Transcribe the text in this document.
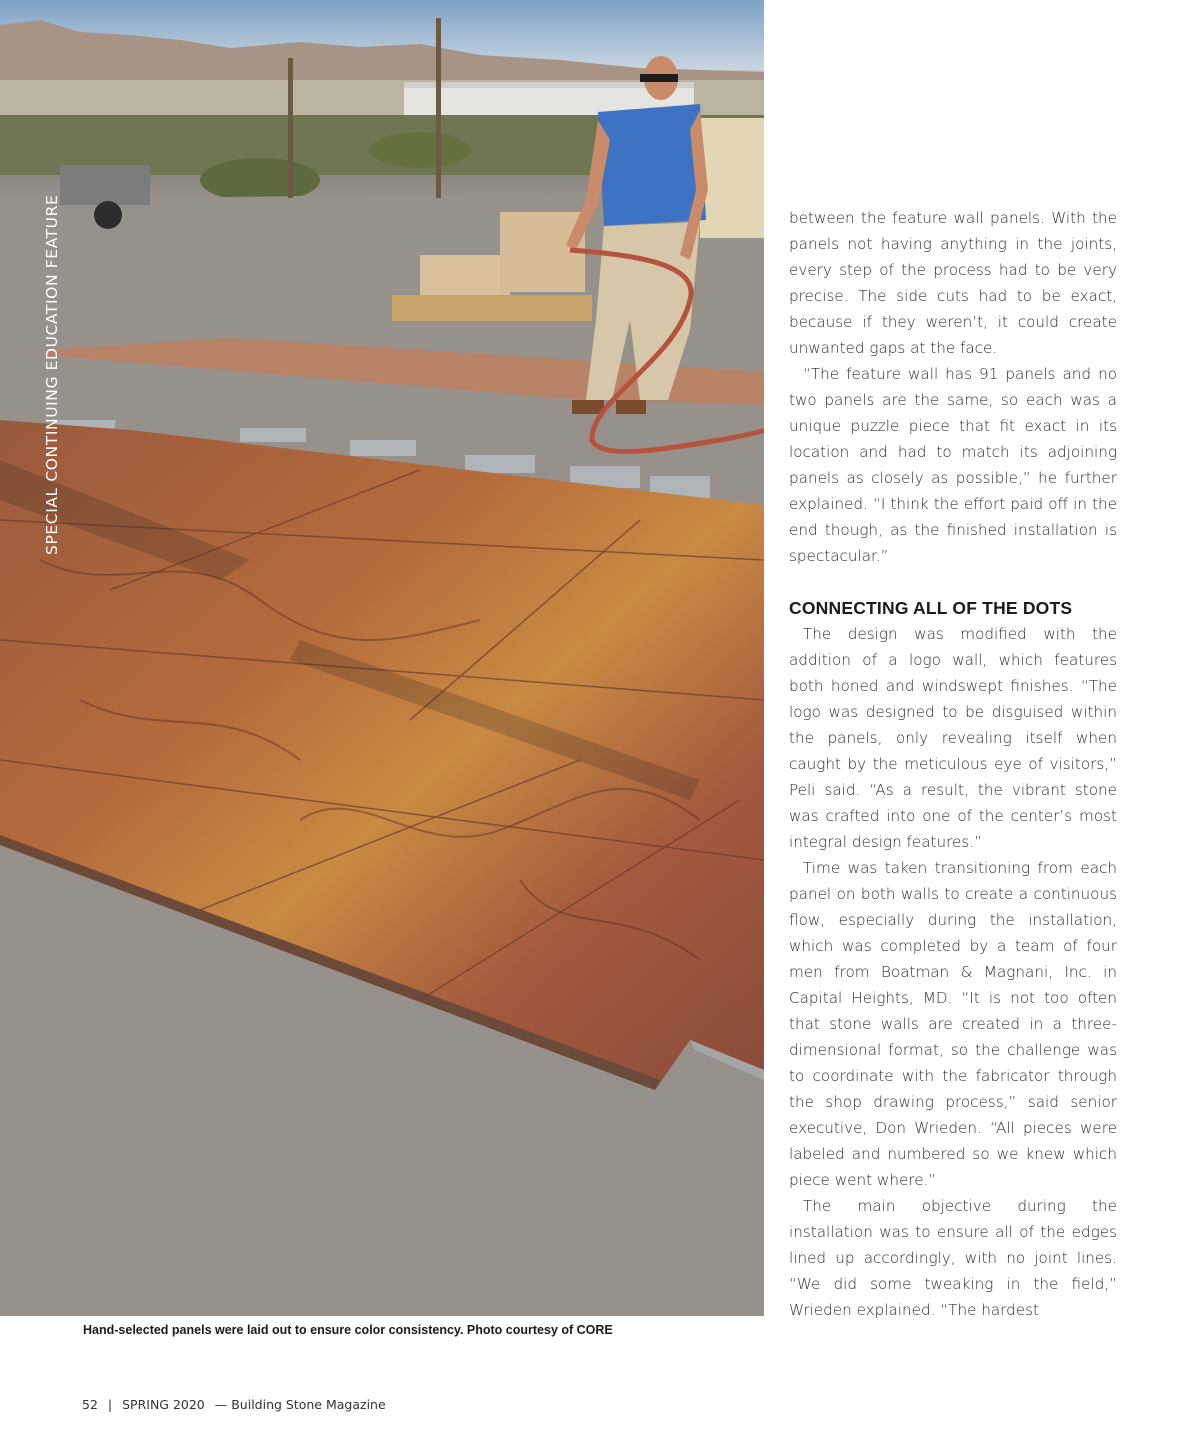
SPECIAL CONTINUING EDUCATION FEATURE
Hand-selected panels were laid out to ensure color consistency. Photo courtesy of CORE

between the feature wall panels. With the panels not having anything in the joints, every step of the process had to be very precise. The side cuts had to be exact, because if they weren’t, it could create unwanted gaps at the face.

“The feature wall has 91 panels and no two panels are the same, so each was a unique puzzle piece that fit exact in its location and had to match its adjoining panels as closely as possible,” he further explained. “I think the effort paid off in the end though, as the finished installation is spectacular.”

CONNECTING ALL OF THE DOTS

The design was modified with the addition of a logo wall, which features both honed and windswept finishes. “The logo was designed to be disguised within the panels, only revealing itself when caught by the meticulous eye of visitors,” Peli said. “As a result, the vibrant stone was crafted into one of the center’s most integral design features.”

Time was taken transitioning from each panel on both walls to create a continuous flow, especially during the installation, which was completed by a team of four men from Boatman & Magnani, Inc. in Capital Heights, MD. “It is not too often that stone walls are created in a three-dimensional format, so the challenge was to coordinate with the fabricator through the shop drawing process,” said senior executive, Don Wrieden. “All pieces were labeled and numbered so we knew which piece went where.”

The main objective during the installation was to ensure all of the edges lined up accordingly, with no joint lines. “We did some tweaking in the field,” Wrieden explained. “The hardest

52 | SPRING 2020 — Building Stone Magazine
